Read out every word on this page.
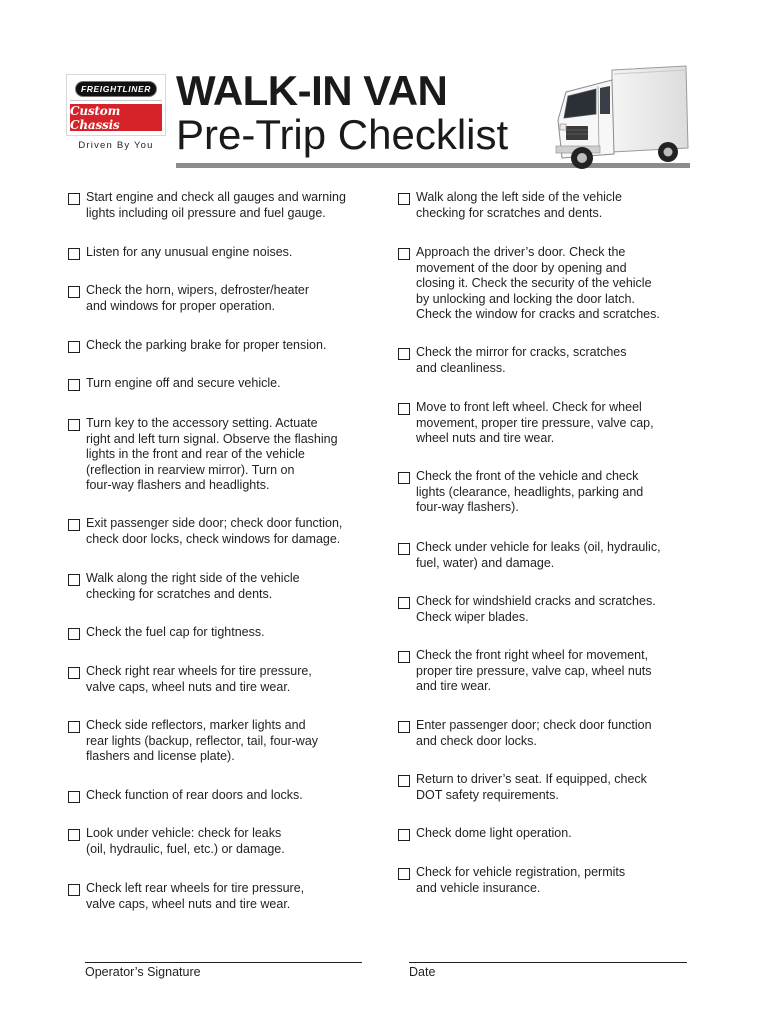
FREIGHTLINER
Custom Chassis
Driven By You
WALK-IN VAN
Pre-Trip Checklist
Start engine and check all gauges and warning
lights including oil pressure and fuel gauge.
Listen for any unusual engine noises.
Check the horn, wipers, defroster/heater
and windows for proper operation.
Check the parking brake for proper tension.
Turn engine off and secure vehicle.
Turn key to the accessory setting. Actuate
right and left turn signal. Observe the flashing
lights in the front and rear of the vehicle
(reflection in rearview mirror). Turn on
four-way flashers and headlights.
Exit passenger side door; check door function,
check door locks, check windows for damage.
Walk along the right side of the vehicle
checking for scratches and dents.
Check the fuel cap for tightness.
Check right rear wheels for tire pressure,
valve caps, wheel nuts and tire wear.
Check side reflectors, marker lights and
rear lights (backup, reflector, tail, four-way
flashers and license plate).
Check function of rear doors and locks.
Look under vehicle: check for leaks
(oil, hydraulic, fuel, etc.) or damage.
Check left rear wheels for tire pressure,
valve caps, wheel nuts and tire wear.
Walk along the left side of the vehicle
checking for scratches and dents.
Approach the driver’s door. Check the
movement of the door by opening and
closing it. Check the security of the vehicle
by unlocking and locking the door latch.
Check the window for cracks and scratches.
Check the mirror for cracks, scratches
and cleanliness.
Move to front left wheel. Check for wheel
movement, proper tire pressure, valve cap,
wheel nuts and tire wear.
Check the front of the vehicle and check
lights (clearance, headlights, parking and
four-way flashers).
Check under vehicle for leaks (oil, hydraulic,
fuel, water) and damage.
Check for windshield cracks and scratches.
Check wiper blades.
Check the front right wheel for movement,
proper tire pressure, valve cap, wheel nuts
and tire wear.
Enter passenger door; check door function
and check door locks.
Return to driver’s seat. If equipped, check
DOT safety requirements.
Check dome light operation.
Check for vehicle registration, permits
and vehicle insurance.
Operator’s Signature	Date
